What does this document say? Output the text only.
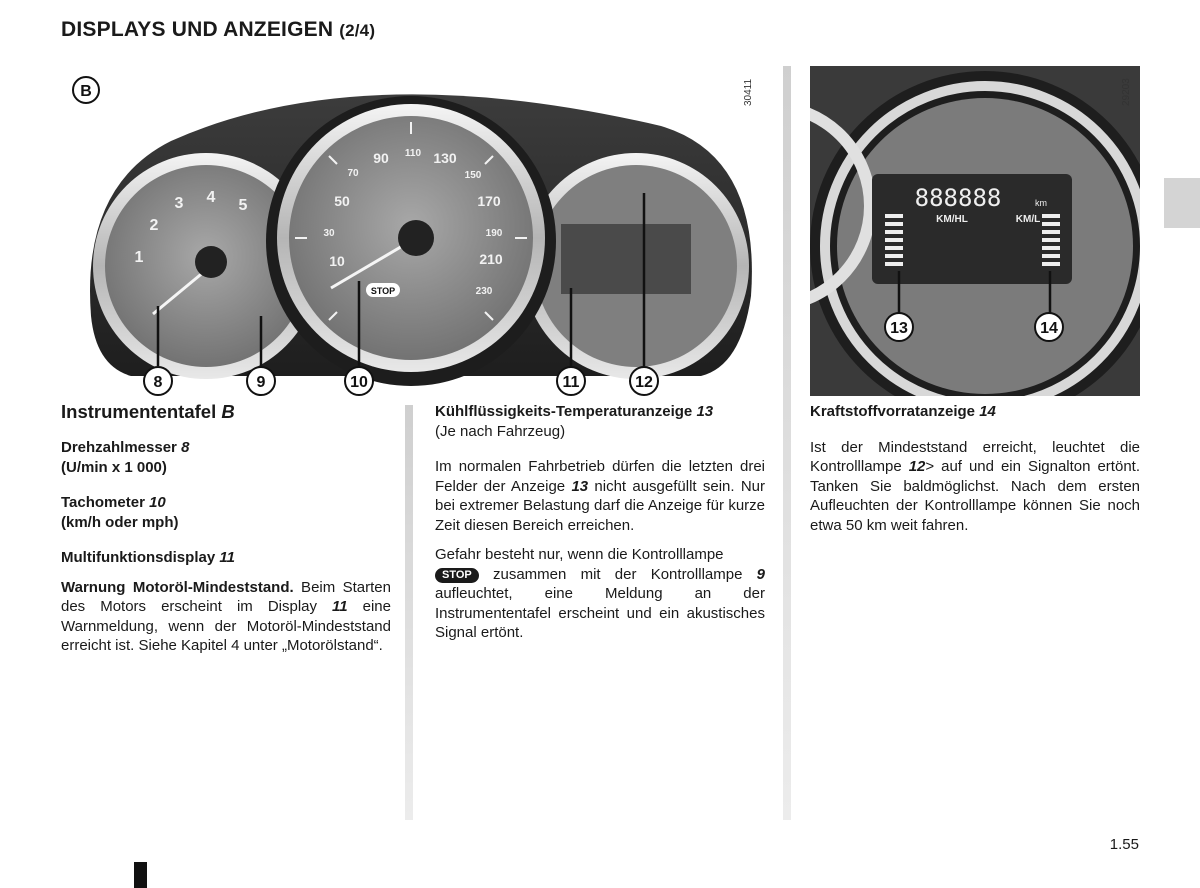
DISPLAYS UND ANZEIGEN (2/4)
STOP
10
30
50
70
90 110 130
150
170
190
210
230
1
2
3 4 5
B
8	9	10	11	12
30411
888888	km
KM/HL	KM/L
13	14
29203
Instrumententafel B

Drehzahlmesser 8
(U/min x 1 000)

Tachometer 10
(km/h oder mph)

Multifunktionsdisplay 11

Warnung Motoröl-Mindeststand. Beim Starten des Motors erscheint im Display 11 eine Warnmeldung, wenn der Motoröl-Mindeststand erreicht ist. Siehe Kapitel 4 unter „Motorölstand“.

Kühlflüssigkeits-Temperaturanzeige 13
(Je nach Fahrzeug)

Im normalen Fahrbetrieb dürfen die letzten drei Felder der Anzeige 13 nicht ausgefüllt sein. Nur bei extremer Belastung darf die Anzeige für kurze Zeit diesen Bereich erreichen.

Gefahr besteht nur, wenn die Kontrolllampe
STOP zusammen mit der Kontrolllampe 9 aufleuchtet, eine Meldung an der Instrumententafel erscheint und ein akustisches Signal ertönt.

Kraftstoffvorratanzeige 14

Ist der Mindeststand erreicht, leuchtet die Kontrolllampe 12> auf und ein Signalton ertönt. Tanken Sie baldmöglichst. Nach dem ersten Aufleuchten der Kontrolllampe können Sie noch etwa 50 km weit fahren.

1.55
